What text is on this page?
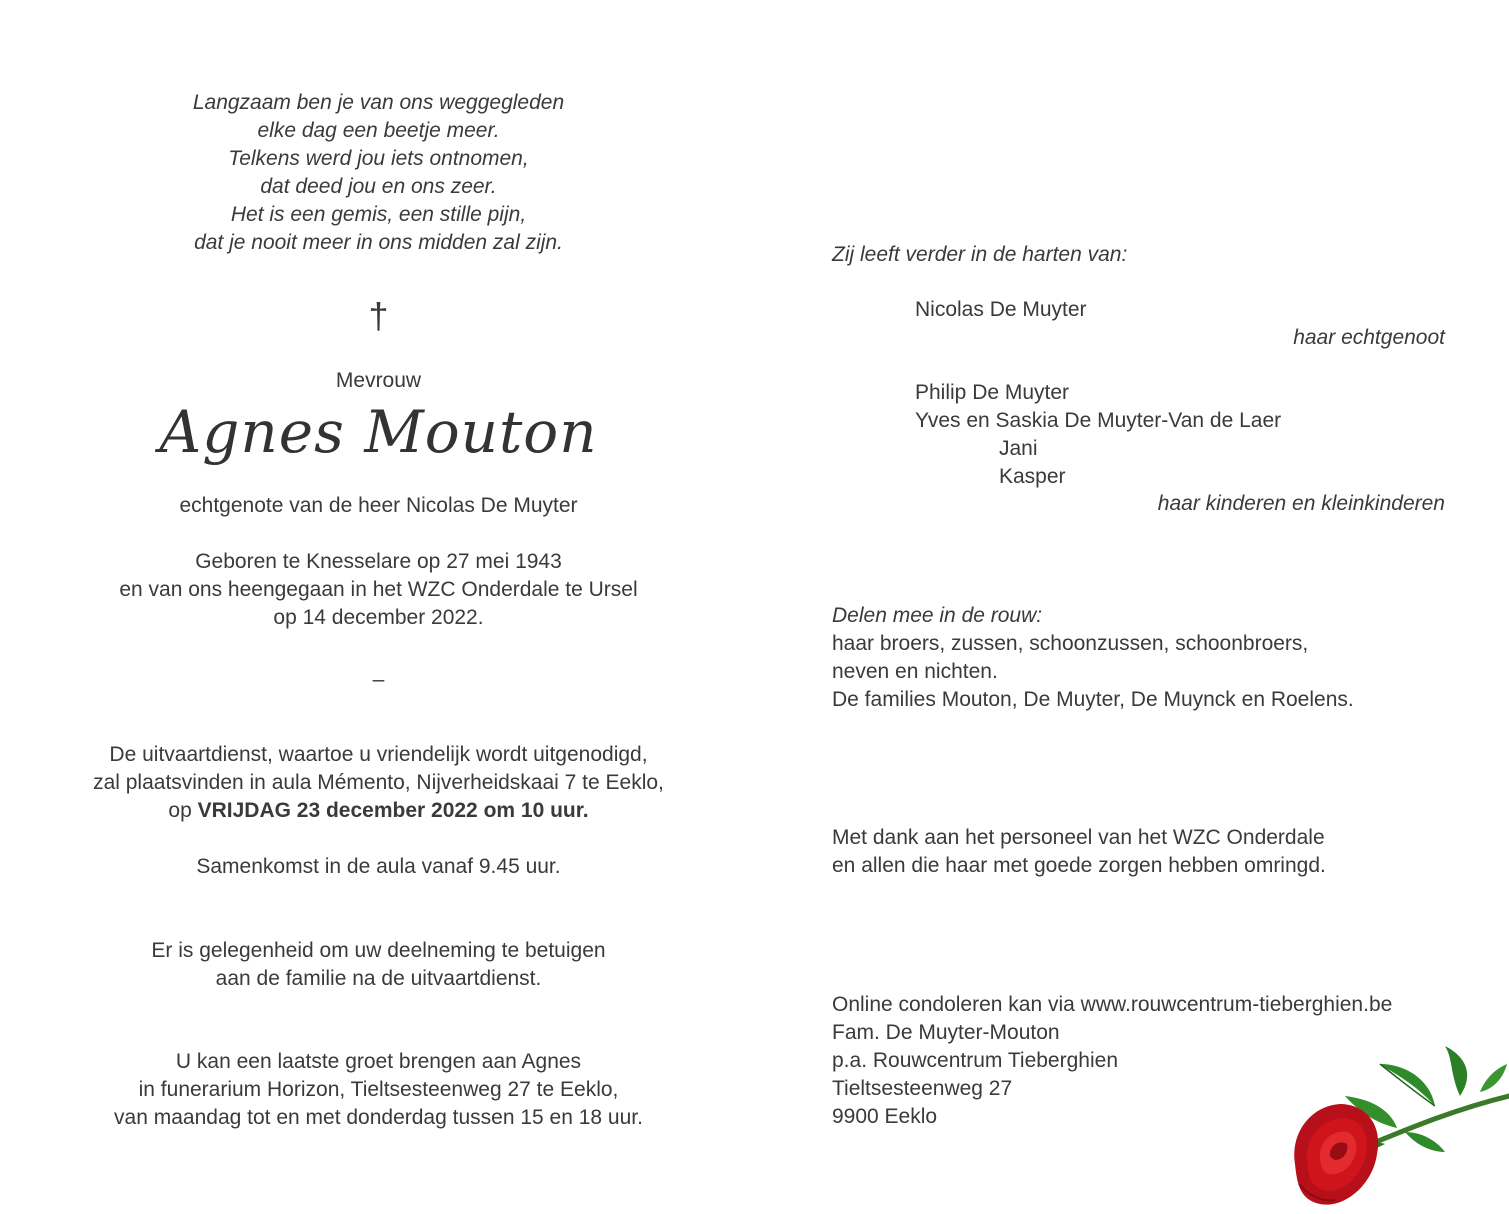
Langzaam ben je van ons weggegleden
elke dag een beetje meer.
Telkens werd jou iets ontnomen,
dat deed jou en ons zeer.
Het is een gemis, een stille pijn,
dat je nooit meer in ons midden zal zijn.
†
Mevrouw
Agnes Mouton
echtgenote van de heer Nicolas De Muyter
Geboren te Knesselare op 27 mei 1943
en van ons heengegaan in het WZC Onderdale te Ursel
op 14 december 2022.
–
De uitvaartdienst, waartoe u vriendelijk wordt uitgenodigd,
zal plaatsvinden in aula Mémento, Nijverheidskaai 7 te Eeklo,
op VRIJDAG 23 december 2022 om 10 uur.
Samenkomst in de aula vanaf 9.45 uur.
Er is gelegenheid om uw deelneming te betuigen
aan de familie na de uitvaartdienst.
U kan een laatste groet brengen aan Agnes
in funerarium Horizon, Tieltsesteenweg 27 te Eeklo,
van maandag tot en met donderdag tussen 15 en 18 uur.
Zij leeft verder in de harten van:
Nicolas De Muyter
haar echtgenoot
Philip De Muyter
Yves en Saskia De Muyter-Van de Laer
Jani
Kasper
haar kinderen en kleinkinderen
Delen mee in de rouw:
haar broers, zussen, schoonzussen, schoonbroers,
neven en nichten.
De families Mouton, De Muyter, De Muynck en Roelens.
Met dank aan het personeel van het WZC Onderdale
en allen die haar met goede zorgen hebben omringd.
Online condoleren kan via www.rouwcentrum-tieberghien.be
Fam. De Muyter-Mouton
p.a. Rouwcentrum Tieberghien
Tieltsesteenweg 27
9900 Eeklo
